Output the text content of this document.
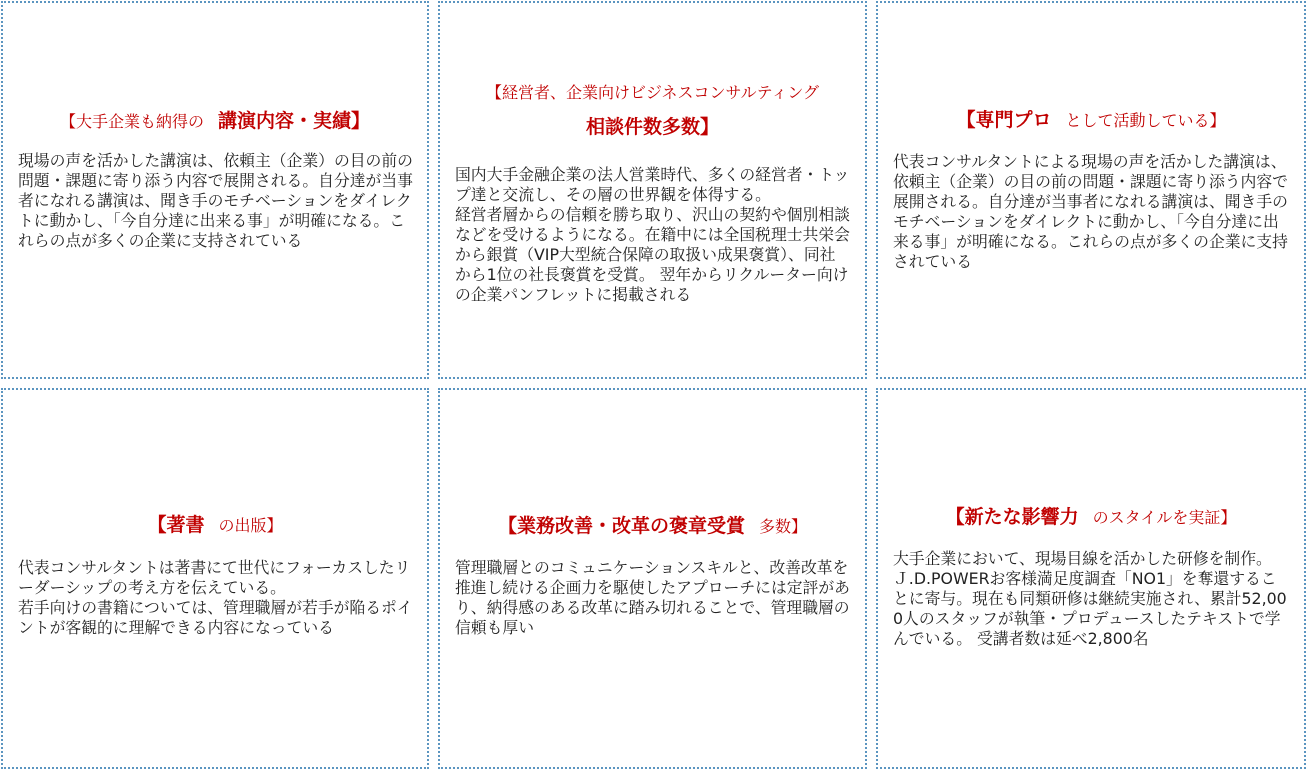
【大手企業も納得の 講演内容・実績】
現場の声を活かした講演は、依頼主（企業）の目の前の問題・課題に寄り添う内容で展開される。自分達が当事者になれる講演は、聞き手のモチベーションをダイレクトに動かし、「今自分達に出来る事」が明確になる。これらの点が多くの企業に支持されている
【経営者、企業向けビジネスコンサルティング
相談件数多数】
国内大手金融企業の法人営業時代、多くの経営者・トップ達と交流し、その層の世界観を体得する。
経営者層からの信頼を勝ち取り、沢山の契約や個別相談などを受けるようになる。在籍中には全国税理士共栄会から銀賞（VIP大型統合保障の取扱い成果褒賞）、同社から1位の社長褒賞を受賞。 翌年からリクルーター向けの企業パンフレットに掲載される
【専門プロ として活動している】
代表コンサルタントによる現場の声を活かした講演は、依頼主（企業）の目の前の問題・課題に寄り添う内容で展開される。自分達が当事者になれる講演は、聞き手のモチベーションをダイレクトに動かし、「今自分達に出来る事」が明確になる。これらの点が多くの企業に支持されている
【著書 の出版】
代表コンサルタントは著書にて世代にフォーカスしたリーダーシップの考え方を伝えている。
若手向けの書籍については、管理職層が若手が陥るポイントが客観的に理解できる内容になっている
【業務改善・改革の褒章受賞 多数】
管理職層とのコミュニケーションスキルと、改善改革を推進し続ける企画力を駆使したアプローチには定評があり、納得感のある改革に踏み切れることで、管理職層の信頼も厚い
【新たな影響力 のスタイルを実証】
大手企業において、現場目線を活かした研修を制作。Ｊ.D.POWERお客様満足度調査「NO1」を奪還することに寄与。現在も同類研修は継続実施され、累計52,000人のスタッフが執筆・プロデュースしたテキストで学んでいる。 受講者数は延べ2,800名
